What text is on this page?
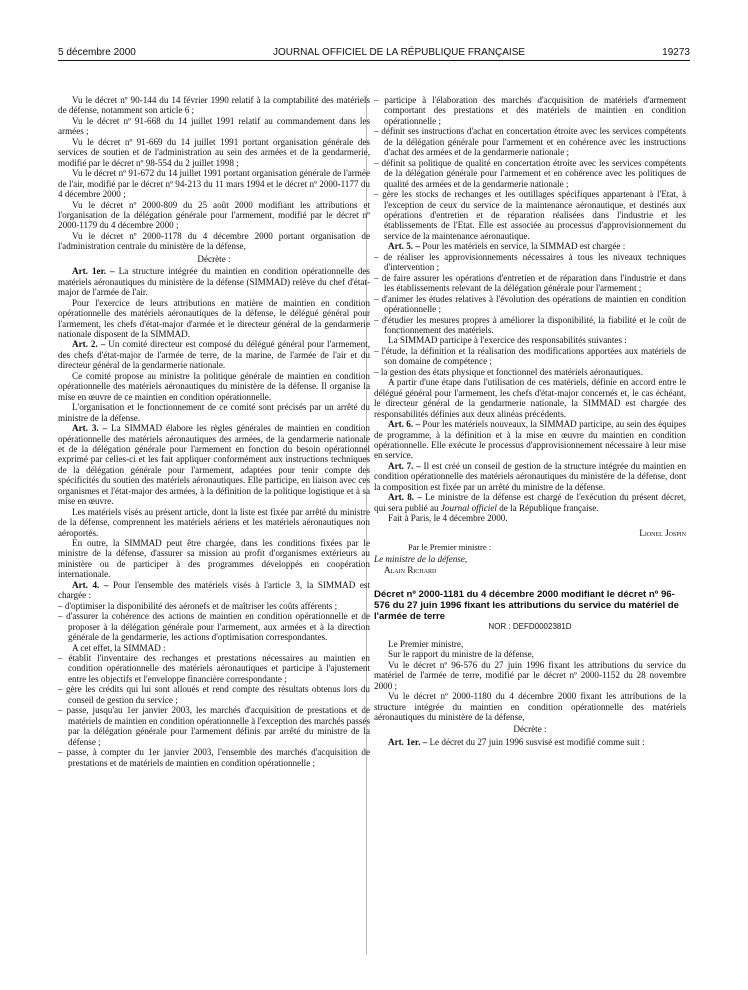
5 décembre 2000	JOURNAL OFFICIEL DE LA RÉPUBLIQUE FRANÇAISE	19273

Vu le décret nº 90-144 du 14 février 1990 relatif à la comptabilité des matériels de défense, notamment son article 6 ;

Vu le décret nº 91-668 du 14 juillet 1991 relatif au commandement dans les armées ;

Vu le décret nº 91-669 du 14 juillet 1991 portant organisation générale des services de soutien et de l'administration au sein des armées et de la gendarmerie, modifié par le décret nº 98-554 du 2 juillet 1998 ;

Vu le décret nº 91-672 du 14 juillet 1991 portant organisation générale de l'armée de l'air, modifié par le décret nº 94-213 du 11 mars 1994 et le décret nº 2000-1177 du 4 décembre 2000 ;

Vu le décret nº 2000-809 du 25 août 2000 modifiant les attributions et l'organisation de la délégation générale pour l'armement, modifié par le décret nº 2000-1179 du 4 décembre 2000 ;

Vu le décret nº 2000-1178 du 4 décembre 2000 portant organisation de l'administration centrale du ministère de la défense,

Décrète :

Art. 1er. – La structure intégrée du maintien en condition opérationnelle des matériels aéronautiques du ministère de la défense (SIMMAD) relève du chef d'état-major de l'armée de l'air.

Pour l'exercice de leurs attributions en matière de maintien en condition opérationnelle des matériels aéronautiques de la défense, le délégué général pour l'armement, les chefs d'état-major d'armée et le directeur général de la gendarmerie nationale disposent de la SIMMAD.

Art. 2. – Un comité directeur est composé du délégué général pour l'armement, des chefs d'état-major de l'armée de terre, de la marine, de l'armée de l'air et du directeur général de la gendarmerie nationale.

Ce comité propose au ministre la politique générale de maintien en condition opérationnelle des matériels aéronautiques du ministère de la défense. Il organise la mise en œuvre de ce maintien en condition opérationnelle.

L'organisation et le fonctionnement de ce comité sont précisés par un arrêté du ministre de la défense.

Art. 3. – La SIMMAD élabore les règles générales de maintien en condition opérationnelle des matériels aéronautiques des armées, de la gendarmerie nationale et de la délégation générale pour l'armement en fonction du besoin opérationnel exprimé par celles-ci et les fait appliquer conformément aux instructions techniques de la délégation générale pour l'armement, adaptées pour tenir compte des spécificités du soutien des matériels aéronautiques. Elle participe, en liaison avec ces organismes et l'état-major des armées, à la définition de la politique logistique et à sa mise en œuvre.

Les matériels visés au présent article, dont la liste est fixée par arrêté du ministre de la défense, comprennent les matériels aériens et les matériels aéronautiques non aéroportés.

En outre, la SIMMAD peut être chargée, dans les conditions fixées par le ministre de la défense, d'assurer sa mission au profit d'organismes extérieurs au ministère ou de participer à des programmes développés en coopération internationale.

Art. 4. – Pour l'ensemble des matériels visés à l'article 3, la SIMMAD est chargée :

– d'optimiser la disponibilité des aéronefs et de maîtriser les coûts afférents ;

– d'assurer la cohérence des actions de maintien en condition opérationnelle et de proposer à la délégation générale pour l'armement, aux armées et à la direction générale de la gendarmerie, les actions d'optimisation correspondantes.

A cet effet, la SIMMAD :

– établit l'inventaire des rechanges et prestations nécessaires au maintien en condition opérationnelle des matériels aéronautiques et participe à l'ajustement entre les objectifs et l'enveloppe financière correspondante ;

– gère les crédits qui lui sont alloués et rend compte des résultats obtenus lors du conseil de gestion du service ;

– passe, jusqu'au 1er janvier 2003, les marchés d'acquisition de prestations et de matériels de maintien en condition opérationnelle à l'exception des marchés passés par la délégation générale pour l'armement définis par arrêté du ministre de la défense ;

– passe, à compter du 1er janvier 2003, l'ensemble des marchés d'acquisition de prestations et de matériels de maintien en condition opérationnelle ;

– participe à l'élaboration des marchés d'acquisition de matériels d'armement comportant des prestations et des matériels de maintien en condition opérationnelle ;

– définit ses instructions d'achat en concertation étroite avec les services compétents de la délégation générale pour l'armement et en cohérence avec les instructions d'achat des armées et de la gendarmerie nationale ;

– définit sa politique de qualité en concertation étroite avec les services compétents de la délégation générale pour l'armement et en cohérence avec les politiques de qualité des armées et de la gendarmerie nationale ;

– gère les stocks de rechanges et les outillages spécifiques appartenant à l'Etat, à l'exception de ceux du service de la maintenance aéronautique, et destinés aux opérations d'entretien et de réparation réalisées dans l'industrie et les établissements de l'Etat. Elle est associée au processus d'approvisionnement du service de la maintenance aéronautique.

Art. 5. – Pour les matériels en service, la SIMMAD est chargée :

– de réaliser les approvisionnements nécessaires à tous les niveaux techniques d'intervention ;

– de faire assurer les opérations d'entretien et de réparation dans l'industrie et dans les établissements relevant de la délégation générale pour l'armement ;

– d'animer les études relatives à l'évolution des opérations de maintien en condition opérationnelle ;

– d'étudier les mesures propres à améliorer la disponibilité, la fiabilité et le coût de fonctionnement des matériels.

La SIMMAD participe à l'exercice des responsabilités suivantes :

– l'étude, la définition et la réalisation des modifications apportées aux matériels de son domaine de compétence ;

– la gestion des états physique et fonctionnel des matériels aéronautiques.

A partir d'une étape dans l'utilisation de ces matériels, définie en accord entre le délégué général pour l'armement, les chefs d'état-major concernés et, le cas échéant, le directeur général de la gendarmerie nationale, la SIMMAD est chargée des responsabilités définies aux deux alinéas précédents.

Art. 6. – Pour les matériels nouveaux, la SIMMAD participe, au sein des équipes de programme, à la définition et à la mise en œuvre du maintien en condition opérationnelle. Elle exécute le processus d'approvisionnement nécessaire à leur mise en service.

Art. 7. – Il est créé un conseil de gestion de la structure intégrée du maintien en condition opérationnelle des matériels aéronautiques du ministère de la défense, dont la composition est fixée par un arrêté du ministre de la défense.

Art. 8. – Le ministre de la défense est chargé de l'exécution du présent décret, qui sera publié au Journal officiel de la République française.

Fait à Paris, le 4 décembre 2000.

Lionel Jospin

Par le Premier ministre :

Le ministre de la défense,

Alain Richard

Décret nº 2000-1181 du 4 décembre 2000 modifiant le décret nº 96-576 du 27 juin 1996 fixant les attributions du service du matériel de l'armée de terre

NOR : DEFD0002381D

Le Premier ministre,

Sur le rapport du ministre de la défense,

Vu le décret nº 96-576 du 27 juin 1996 fixant les attributions du service du matériel de l'armée de terre, modifié par le décret nº 2000-1152 du 28 novembre 2000 ;

Vu le décret nº 2000-1180 du 4 décembre 2000 fixant les attributions de la structure intégrée du maintien en condition opérationnelle des matériels aéronautiques du ministère de la défense,

Décrète :

Art. 1er. – Le décret du 27 juin 1996 susvisé est modifié comme suit :
